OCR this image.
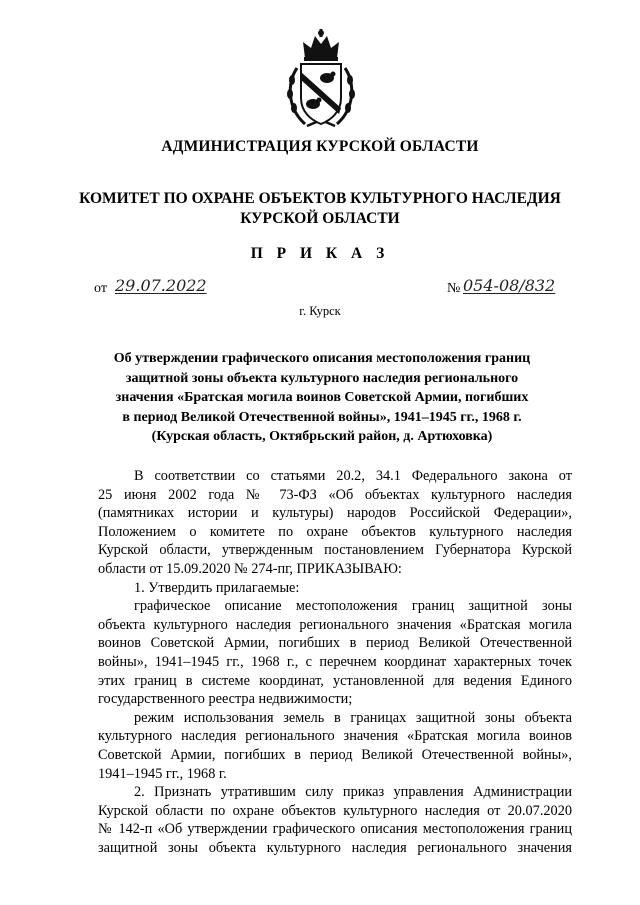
АДМИНИСТРАЦИЯ КУРСКОЙ ОБЛАСТИ
КОМИТЕТ ПО ОХРАНЕ ОБЪЕКТОВ КУЛЬТУРНОГО НАСЛЕДИЯ
КУРСКОЙ ОБЛАСТИ
П Р И К А З
от 29.07.2022	№ 054-08/832
г. Курск
Об утверждении графического описания местоположения границ
защитной зоны объекта культурного наследия регионального
значения «Братская могила воинов Советской Армии, погибших
в период Великой Отечественной войны», 1941–1945 гг., 1968 г.
(Курская область, Октябрьский район, д. Артюховка)
В соответствии со статьями 20.2, 34.1 Федерального закона от
25 июня 2002 года № 73-ФЗ «Об объектах культурного наследия
(памятниках истории и культуры) народов Российской Федерации»,
Положением о комитете по охране объектов культурного наследия
Курской области, утвержденным постановлением Губернатора Курской
области от 15.09.2020 № 274-пг, ПРИКАЗЫВАЮ:
1. Утвердить прилагаемые:
графическое описание местоположения границ защитной зоны
объекта культурного наследия регионального значения «Братская могила
воинов Советской Армии, погибших в период Великой Отечественной
войны», 1941–1945 гг., 1968 г., с перечнем координат характерных точек
этих границ в системе координат, установленной для ведения Единого
государственного реестра недвижимости;
режим использования земель в границах защитной зоны объекта
культурного наследия регионального значения «Братская могила воинов
Советской Армии, погибших в период Великой Отечественной войны»,
1941–1945 гг., 1968 г.
2. Признать утратившим силу приказ управления Администрации
Курской области по охране объектов культурного наследия от 20.07.2020
№ 142-п «Об утверждении графического описания местоположения границ
защитной зоны объекта культурного наследия регионального значения
